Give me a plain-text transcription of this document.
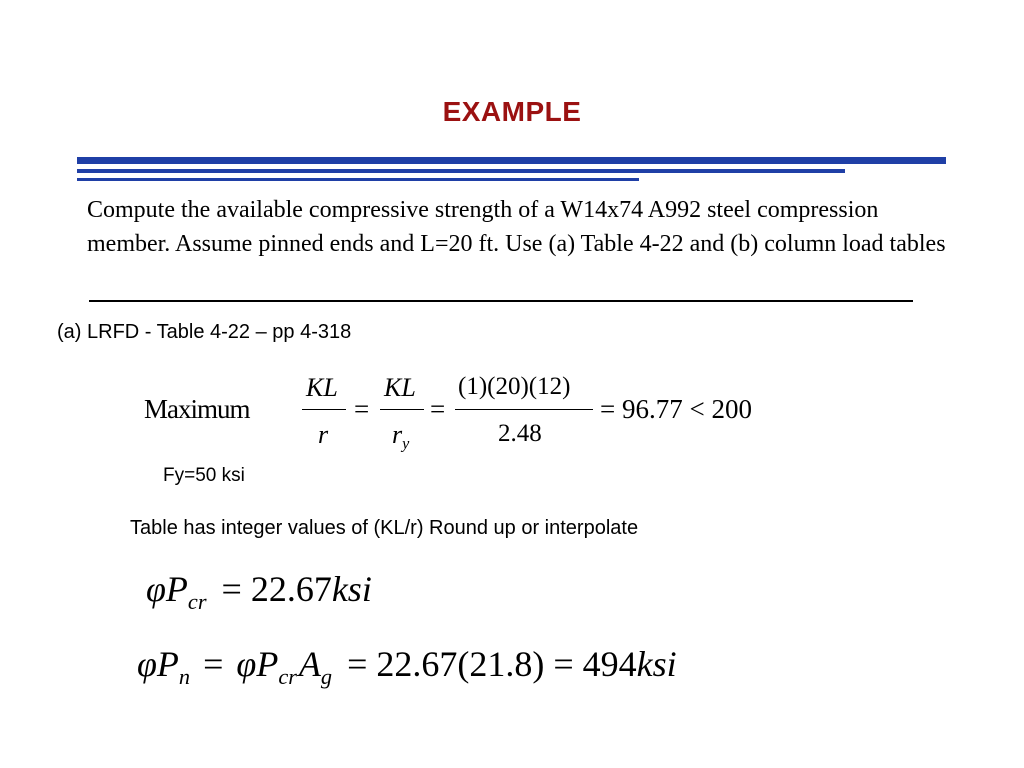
EXAMPLE
Compute the available compressive strength of a W14x74 A992 steel compression member. Assume pinned ends and L=20 ft. Use (a) Table 4-22 and (b) column load tables
(a) LRFD - Table 4-22 – pp 4-318
Maximum
KL
r
=
KL
$r_y$
=
(1)(20)(12)
2.48
= 96.77 < 200
Fy=50 ksi
Table has integer values of (KL/r) Round up or interpolate
$\varphi P_{cr} = 22.67ksi$
$\varphi P_n = \varphi P_{cr}A_g = 22.67(21.8) = 494ksi$
